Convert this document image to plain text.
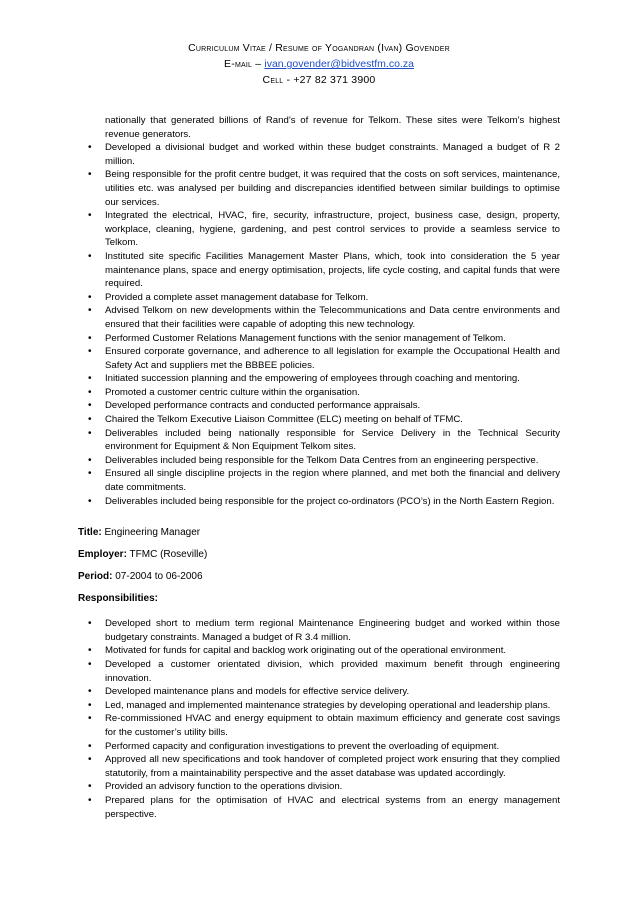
Curriculum Vitae / Resume of Yogandran (Ivan) Govender
E-mail – ivan.govender@bidvestfm.co.za
Cell - +27 82 371 3900
nationally that generated billions of Rand’s of revenue for Telkom. These sites were Telkom’s highest revenue generators.
• Developed a divisional budget and worked within these budget constraints. Managed a budget of R 2 million.
• Being responsible for the profit centre budget, it was required that the costs on soft services, maintenance, utilities etc. was analysed per building and discrepancies identified between similar buildings to optimise our services.
• Integrated the electrical, HVAC, fire, security, infrastructure, project, business case, design, property, workplace, cleaning, hygiene, gardening, and pest control services to provide a seamless service to Telkom.
• Instituted site specific Facilities Management Master Plans, which, took into consideration the 5 year maintenance plans, space and energy optimisation, projects, life cycle costing, and capital funds that were required.
• Provided a complete asset management database for Telkom.
• Advised Telkom on new developments within the Telecommunications and Data centre environments and ensured that their facilities were capable of adopting this new technology.
• Performed Customer Relations Management functions with the senior management of Telkom.
• Ensured corporate governance, and adherence to all legislation for example the Occupational Health and Safety Act and suppliers met the BBBEE policies.
• Initiated succession planning and the empowering of employees through coaching and mentoring.
• Promoted a customer centric culture within the organisation.
• Developed performance contracts and conducted performance appraisals.
• Chaired the Telkom Executive Liaison Committee (ELC) meeting on behalf of TFMC.
• Deliverables included being nationally responsible for Service Delivery in the Technical Security environment for Equipment & Non Equipment Telkom sites.
• Deliverables included being responsible for the Telkom Data Centres from an engineering perspective.
• Ensured all single discipline projects in the region where planned, and met both the financial and delivery date commitments.
• Deliverables included being responsible for the project co-ordinators (PCO’s) in the North Eastern Region.
Title: Engineering Manager
Employer: TFMC (Roseville)
Period: 07-2004 to 06-2006
Responsibilities:
• Developed short to medium term regional Maintenance Engineering budget and worked within those budgetary constraints. Managed a budget of R 3.4 million.
• Motivated for funds for capital and backlog work originating out of the operational environment.
• Developed a customer orientated division, which provided maximum benefit through engineering innovation.
• Developed maintenance plans and models for effective service delivery.
• Led, managed and implemented maintenance strategies by developing operational and leadership plans.
• Re-commissioned HVAC and energy equipment to obtain maximum efficiency and generate cost savings for the customer’s utility bills.
• Performed capacity and configuration investigations to prevent the overloading of equipment.
• Approved all new specifications and took handover of completed project work ensuring that they complied statutorily, from a maintainability perspective and the asset database was updated accordingly.
• Provided an advisory function to the operations division.
• Prepared plans for the optimisation of HVAC and electrical systems from an energy management perspective.
